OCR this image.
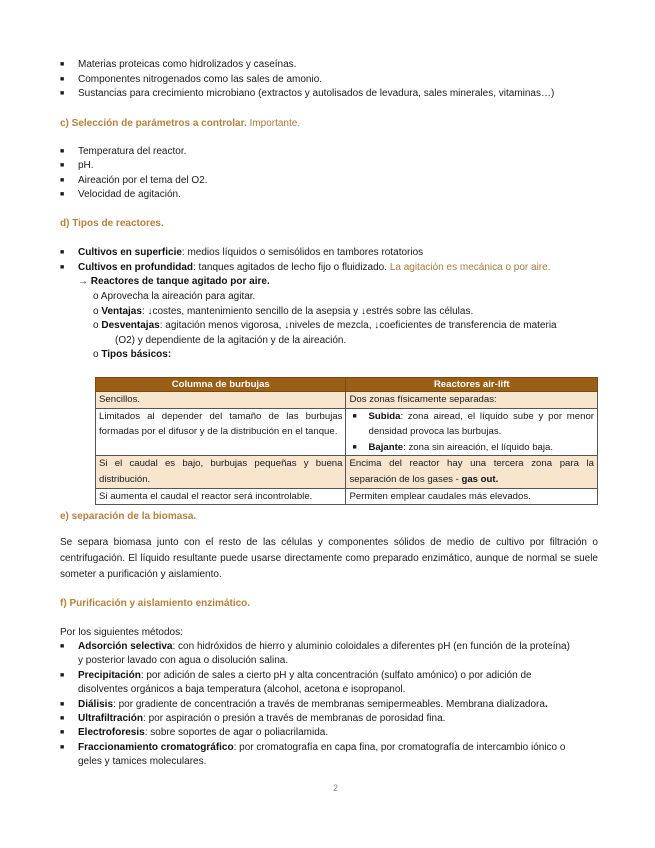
■ Materias proteicas como hidrolizados y caseínas.
■ Componentes nitrogenados como las sales de amonio.
■ Sustancias para crecimiento microbiano (extractos y autolisados de levadura, sales minerales, vitaminas…)
c) Selección de parámetros a controlar. Importante.
■ Temperatura del reactor.
■ pH.
■ Aireación por el tema del O2.
■ Velocidad de agitación.
d) Tipos de reactores.
■ Cultivos en superficie: medios líquidos o semisólidos en tambores rotatorios
■ Cultivos en profundidad: tanques agitados de lecho fijo o fluidizado. La agitación es mecánica o por aire.
→ Reactores de tanque agitado por aire.
o Aprovecha la aireación para agitar.
o Ventajas: ↓costes, mantenimiento sencillo de la asepsia y ↓estrés sobre las células.
o Desventajas: agitación menos vigorosa, ↓niveles de mezcla, ↓coeficientes de transferencia de materia
(O2) y dependiente de la agitación y de la aireación.
o Tipos básicos:
Columna de burbujas	Reactores air-lift
Sencillos.	Dos zonas físicamente separadas:
Limitados al depender del tamaño de las burbujas formadas por el difusor y de la distribución en el tanque.	■ Subida: zona airead, el líquido sube y por menor densidad provoca las burbujas.
■ Bajante: zona sin aireación, el líquido baja.

Si el caudal es bajo, burbujas pequeñas y buena distribución.	Encima del reactor hay una tercera zona para la separación de los gases - gas out.
Si aumenta el caudal el reactor será incontrolable.	Permiten emplear caudales más elevados.
e) separación de la biomasa.
Se separa biomasa junto con el resto de las células y componentes sólidos de medio de cultivo por filtración o centrifugación. El líquido resultante puede usarse directamente como preparado enzimático, aunque de normal se suele someter a purificación y aislamiento.
f) Purificación y aislamiento enzimático.
Por los siguientes métodos:
■ Adsorción selectiva: con hidróxidos de hierro y aluminio coloidales a diferentes pH (en función de la proteína)
y posterior lavado con agua o disolución salina.
■ Precipitación: por adición de sales a cierto pH y alta concentración (sulfato amónico) o por adición de
disolventes orgánicos a baja temperatura (alcohol, acetona e isopropanol.
■ Diálisis: por gradiente de concentración a través de membranas semipermeables. Membrana dializadora.
■ Ultrafiltración: por aspiración o presión a través de membranas de porosidad fina.
■ Electroforesis: sobre soportes de agar o poliacrilamida.
■ Fraccionamiento cromatográfico: por cromatografía en capa fina, por cromatografía de intercambio iónico o
geles y tamices moleculares.
2
